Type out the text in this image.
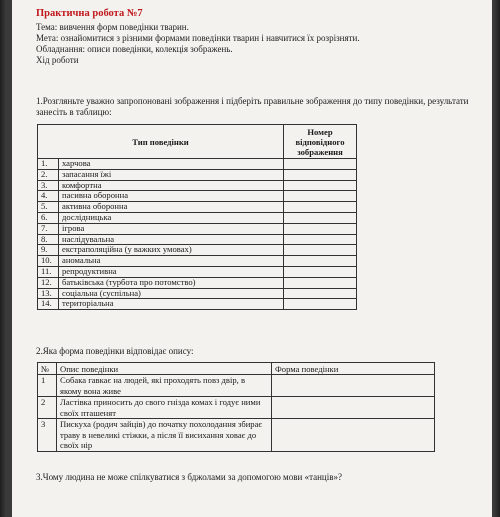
Практична робота №7
Тема: вивчення форм поведінки тварин.
Мета: ознайомитися з різними формами поведінки тварин і навчитися їх розрізняти.
Обладнання: описи поведінки, колекція зображень.
Хід роботи
1.Розгляньте уважно запропоновані зображення і підберіть правильне зображення до типу поведінки, результати занесіть в таблицю:
Тип поведінки		Номер відповідного зображення
1.	харчова	
2.	запасання їжі	
3.	комфортна	
4.	пасивна оборонна	
5.	активна оборонна	
6.	дослідницька	
7.	ігрова	
8.	наслідувальна	
9.	екстраполяційна (у важких умовах)	
10.	аномальна	
11.	репродуктивна	
12.	батьківська (турбота про потомство)	
13.	соціальна (суспільна)	
14.	територіальна	
2.Яка форма поведінки відповідає опису:
№	Опис поведінки	Форма поведінки
1	Собака гавкає на людей, які проходять повз двір, в якому вона живе	
2	Ластівка приносить до свого гнізда комах і годує ними своїх пташенят	
3	Пискуха (родич зайців) до початку похолодання збирає траву в невеликі стіжки, а після її висихання ховає до своїх нір	
3.Чому людина не може спілкуватися з бджолами за допомогою мови «танців»?
